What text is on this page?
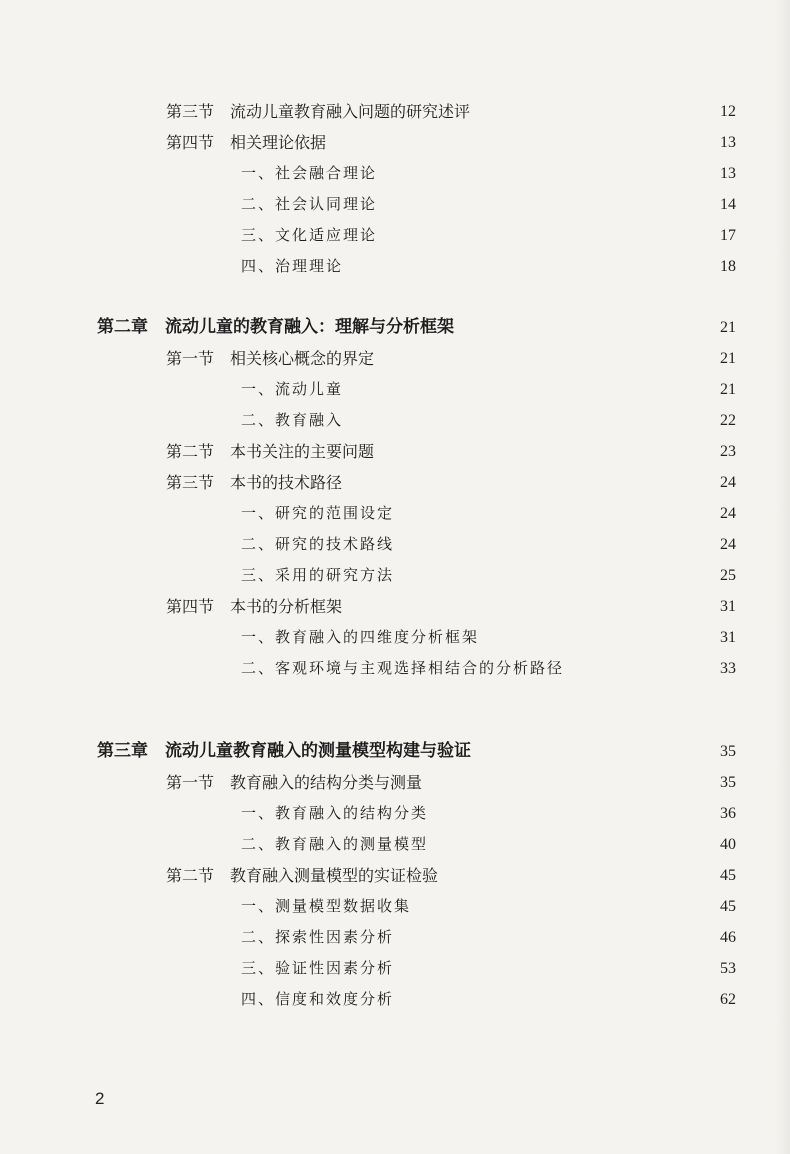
第三节　流动儿童教育融入问题的研究述评	12
第四节　相关理论依据	13
一、社会融合理论	13
二、社会认同理论	14
三、文化适应理论	17
四、治理理论	18
第二章　流动儿童的教育融入：理解与分析框架	21
第一节　相关核心概念的界定	21
一、流动儿童	21
二、教育融入	22
第二节　本书关注的主要问题	23
第三节　本书的技术路径	24
一、研究的范围设定	24
二、研究的技术路线	24
三、采用的研究方法	25
第四节　本书的分析框架	31
一、教育融入的四维度分析框架	31
二、客观环境与主观选择相结合的分析路径	33
第三章　流动儿童教育融入的测量模型构建与验证	35
第一节　教育融入的结构分类与测量	35
一、教育融入的结构分类	36
二、教育融入的测量模型	40
第二节　教育融入测量模型的实证检验	45
一、测量模型数据收集	45
二、探索性因素分析	46
三、验证性因素分析	53
四、信度和效度分析	62
2
